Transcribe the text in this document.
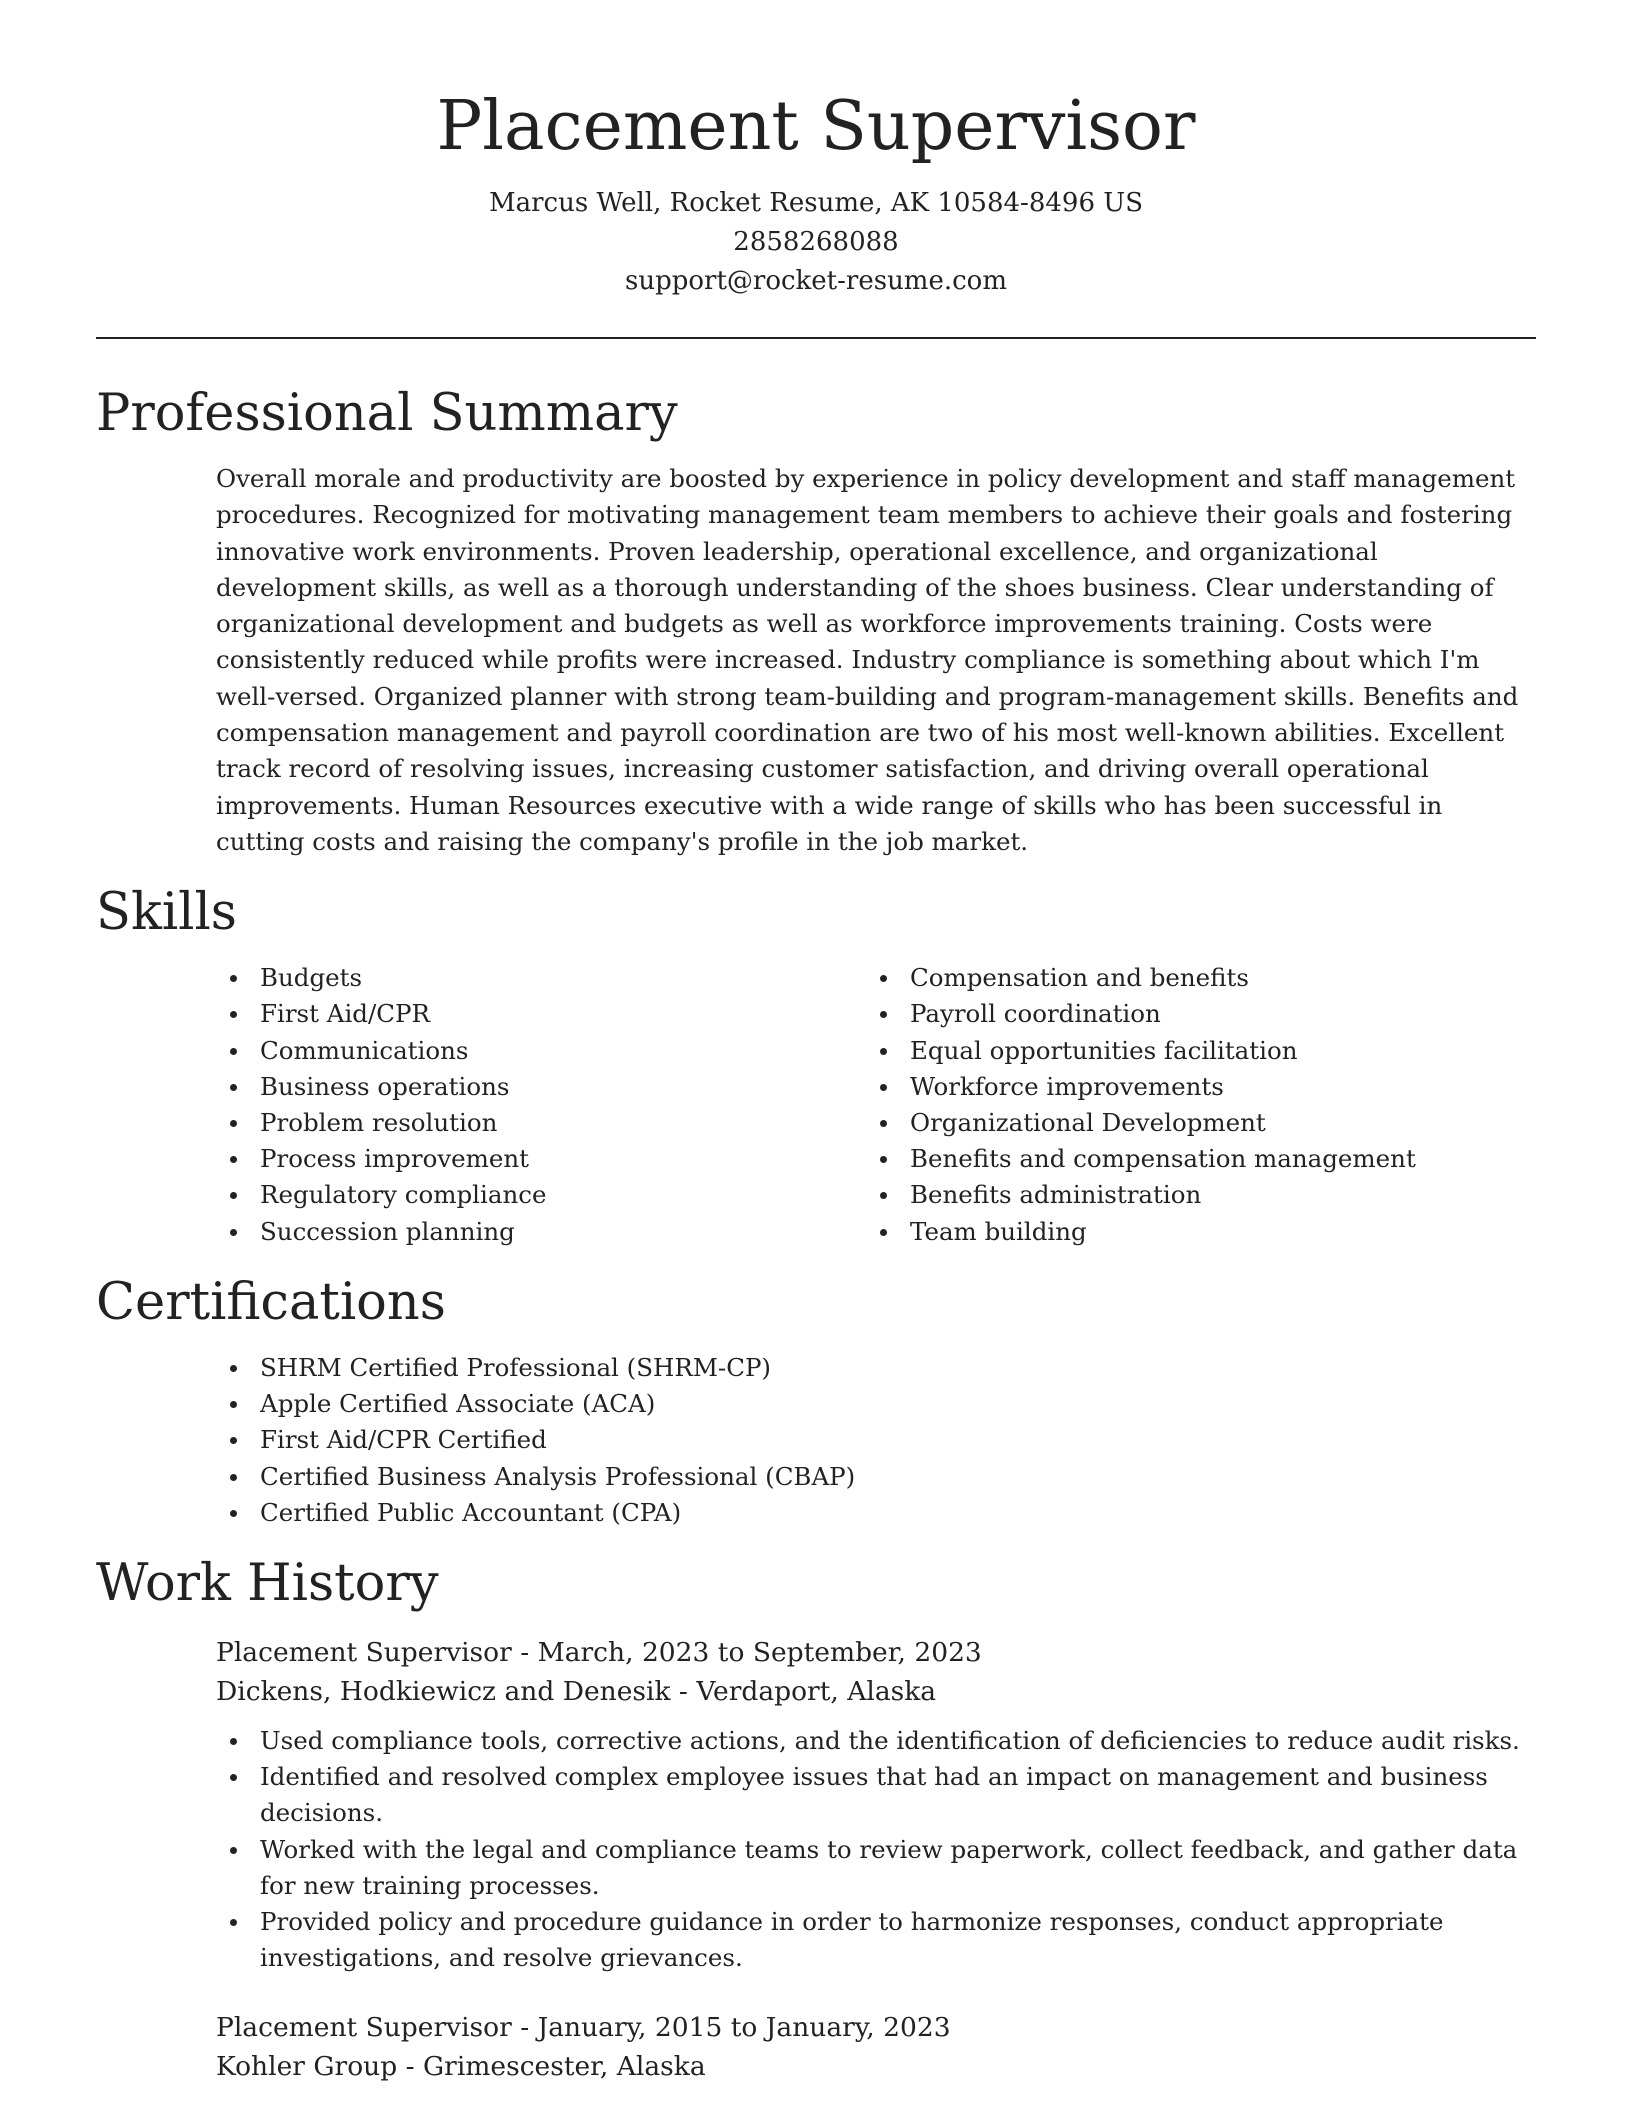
Placement Supervisor
Marcus Well, Rocket Resume, AK 10584-8496 US
2858268088
support@rocket-resume.com
Professional Summary

Overall morale and productivity are boosted by experience in policy development and staff management procedures. Recognized for motivating management team members to achieve their goals and fostering innovative work environments. Proven leadership, operational excellence, and organizational development skills, as well as a thorough understanding of the shoes business. Clear understanding of organizational development and budgets as well as workforce improvements training. Costs were consistently reduced while profits were increased. Industry compliance is something about which I'm well-versed. Organized planner with strong team-building and program-management skills. Benefits and compensation management and payroll coordination are two of his most well-known abilities. Excellent track record of resolving issues, increasing customer satisfaction, and driving overall operational improvements. Human Resources executive with a wide range of skills who has been successful in cutting costs and raising the company's profile in the job market.

Skills
Budgets
First Aid/CPR
Communications
Business operations
Problem resolution
Process improvement
Regulatory compliance
Succession planning
Compensation and benefits
Payroll coordination
Equal opportunities facilitation
Workforce improvements
Organizational Development
Benefits and compensation management
Benefits administration
Team building
Certifications
SHRM Certified Professional (SHRM-CP)
Apple Certified Associate (ACA)
First Aid/CPR Certified
Certified Business Analysis Professional (CBAP)
Certified Public Accountant (CPA)
Work History
Placement Supervisor - March, 2023 to September, 2023
Dickens, Hodkiewicz and Denesik - Verdaport, Alaska
Used compliance tools, corrective actions, and the identification of deficiencies to reduce audit risks.
Identified and resolved complex employee issues that had an impact on management and business decisions.
Worked with the legal and compliance teams to review paperwork, collect feedback, and gather data for new training processes.
Provided policy and procedure guidance in order to harmonize responses, conduct appropriate investigations, and resolve grievances.
Placement Supervisor - January, 2015 to January, 2023
Kohler Group - Grimescester, Alaska
